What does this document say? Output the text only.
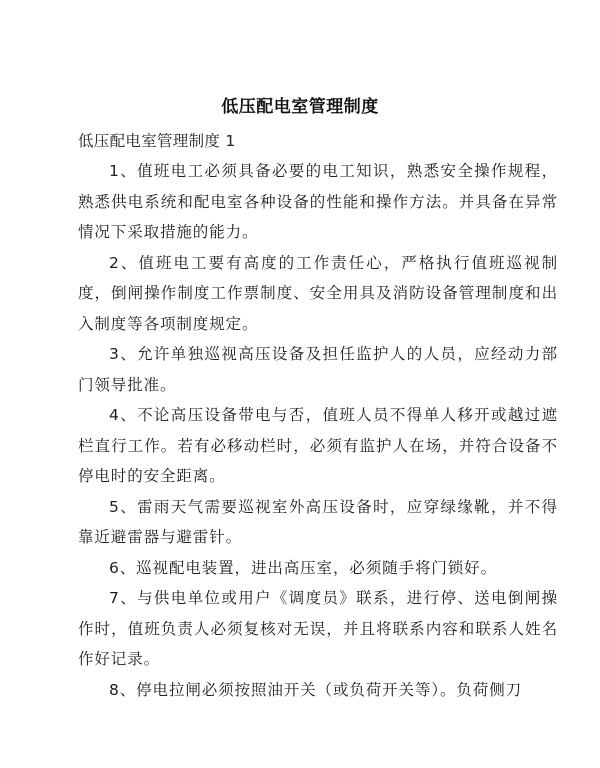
低压配电室管理制度
低压配电室管理制度 1

1、值班电工必须具备必要的电工知识，熟悉安全操作规程，熟悉供电系统和配电室各种设备的性能和操作方法。并具备在异常情况下采取措施的能力。

2、值班电工要有高度的工作责任心，严格执行值班巡视制度，倒闸操作制度工作票制度、安全用具及消防设备管理制度和出入制度等各项制度规定。

3、允许单独巡视高压设备及担任监护人的人员，应经动力部门领导批准。

4、不论高压设备带电与否，值班人员不得单人移开或越过遮栏直行工作。若有必移动栏时，必须有监护人在场，并符合设备不停电时的安全距离。

5、雷雨天气需要巡视室外高压设备时，应穿绿缘靴，并不得靠近避雷器与避雷针。

6、巡视配电装置，进出高压室，必须随手将门锁好。

7、与供电单位或用户《调度员》联系，进行停、送电倒闸操作时，值班负责人必须复核对无误，并且将联系内容和联系人姓名作好记录。

8、停电拉闸必须按照油开关（或负荷开关等）。负荷侧刀
